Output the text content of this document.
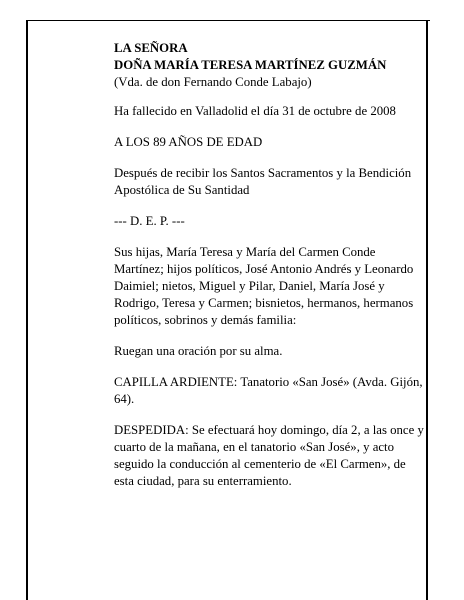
LA SEÑORA
DOÑA MARÍA TERESA MARTÍNEZ GUZMÁN
(Vda. de don Fernando Conde Labajo)

Ha fallecido en Valladolid el día 31 de octubre de 2008

A LOS 89 AÑOS DE EDAD

Después de recibir los Santos Sacramentos y la Bendición Apostólica de Su Santidad

--- D. E. P. ---

Sus hijas, María Teresa y María del Carmen Conde Martínez; hijos políticos, José Antonio Andrés y Leonardo Daimiel; nietos, Miguel y Pilar, Daniel, María José y Rodrigo, Teresa y Carmen; bisnietos, hermanos, hermanos políticos, sobrinos y demás familia:

Ruegan una oración por su alma.

CAPILLA ARDIENTE: Tanatorio «San José» (Avda. Gijón, 64).

DESPEDIDA: Se efectuará hoy domingo, día 2, a las once y cuarto de la mañana, en el tanatorio «San José», y acto seguido la conducción al cementerio de «El Carmen», de esta ciudad, para su enterramiento.
